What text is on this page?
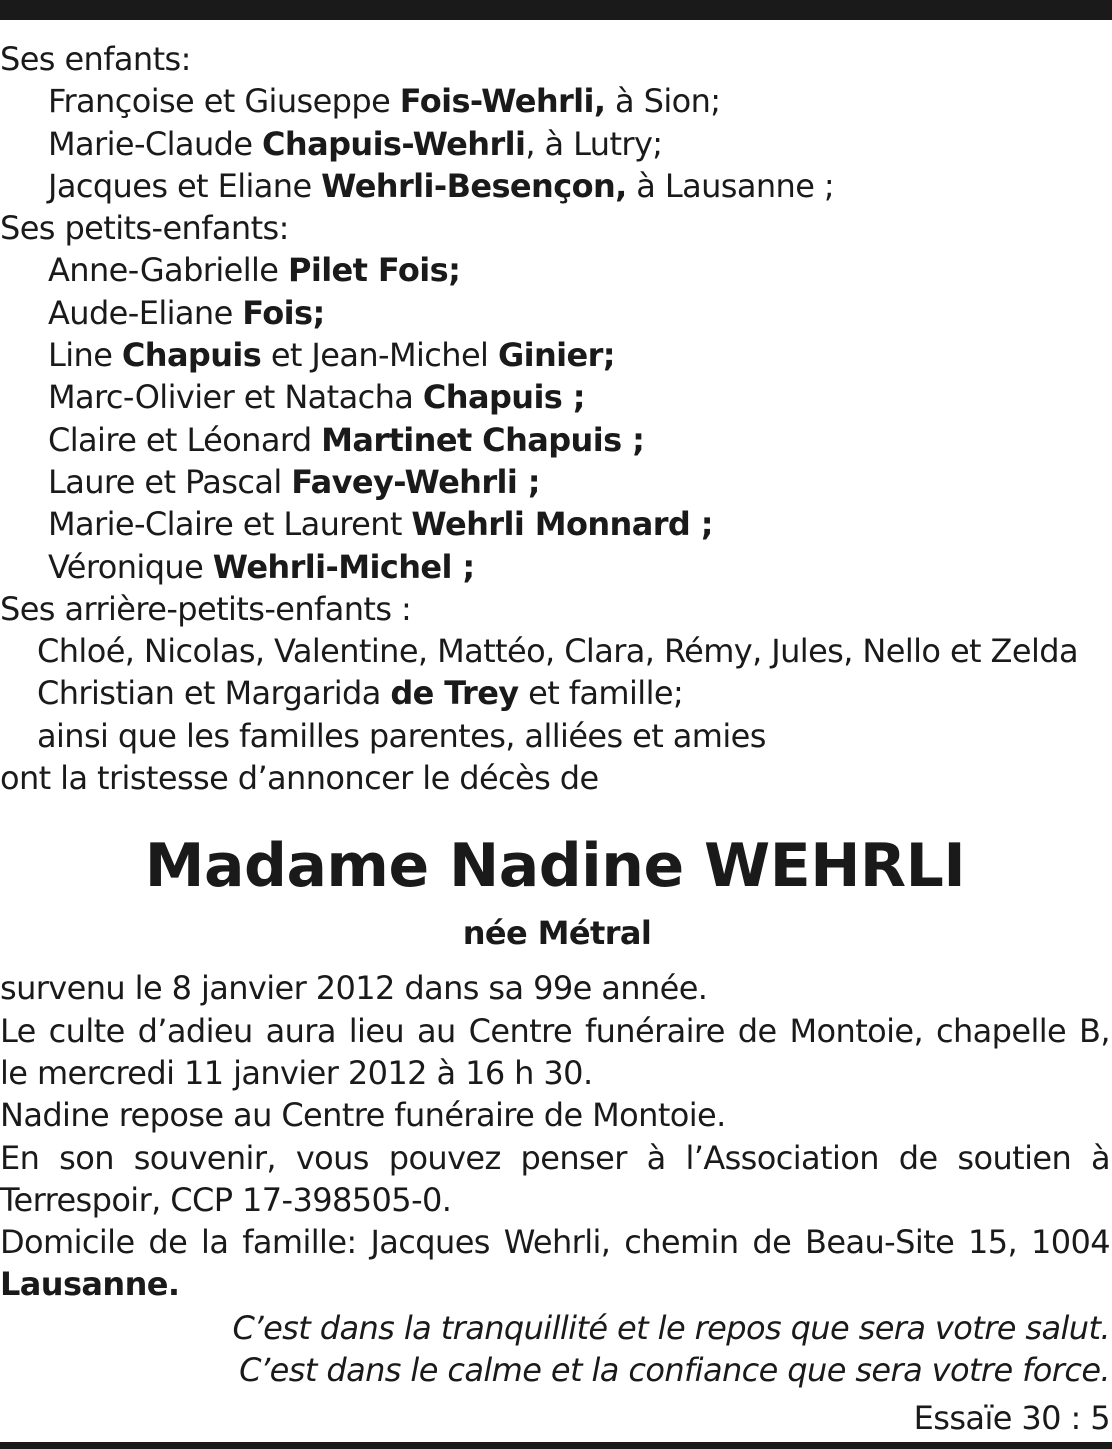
Ses enfants:
Françoise et Giuseppe Fois-Wehrli, à Sion;
Marie-Claude Chapuis-Wehrli, à Lutry;
Jacques et Eliane Wehrli-Besençon, à Lausanne ;
Ses petits-enfants:
Anne-Gabrielle Pilet Fois;
Aude-Eliane Fois;
Line Chapuis et Jean-Michel Ginier;
Marc-Olivier et Natacha Chapuis ;
Claire et Léonard Martinet Chapuis ;
Laure et Pascal Favey-Wehrli ;
Marie-Claire et Laurent Wehrli Monnard ;
Véronique Wehrli-Michel ;
Ses arrière-petits-enfants :
Chloé, Nicolas, Valentine, Mattéo, Clara, Rémy, Jules, Nello et Zelda
Christian et Margarida de Trey et famille;
ainsi que les familles parentes, alliées et amies
ont la tristesse d’annoncer le décès de
Madame Nadine WEHRLI
née Métral
survenu le 8 janvier 2012 dans sa 99e année.
Le culte d’adieu aura lieu au Centre funéraire de Montoie, chapelle B, le mercredi 11 janvier 2012 à 16 h 30.
Nadine repose au Centre funéraire de Montoie.
En son souvenir, vous pouvez penser à l’Association de soutien à Terrespoir, CCP 17-398505-0.
Domicile de la famille: Jacques Wehrli, chemin de Beau-Site 15, 1004 Lausanne.
C’est dans la tranquillité et le repos que sera votre salut.
C’est dans le calme et la confiance que sera votre force.
Essaïe 30 : 5
